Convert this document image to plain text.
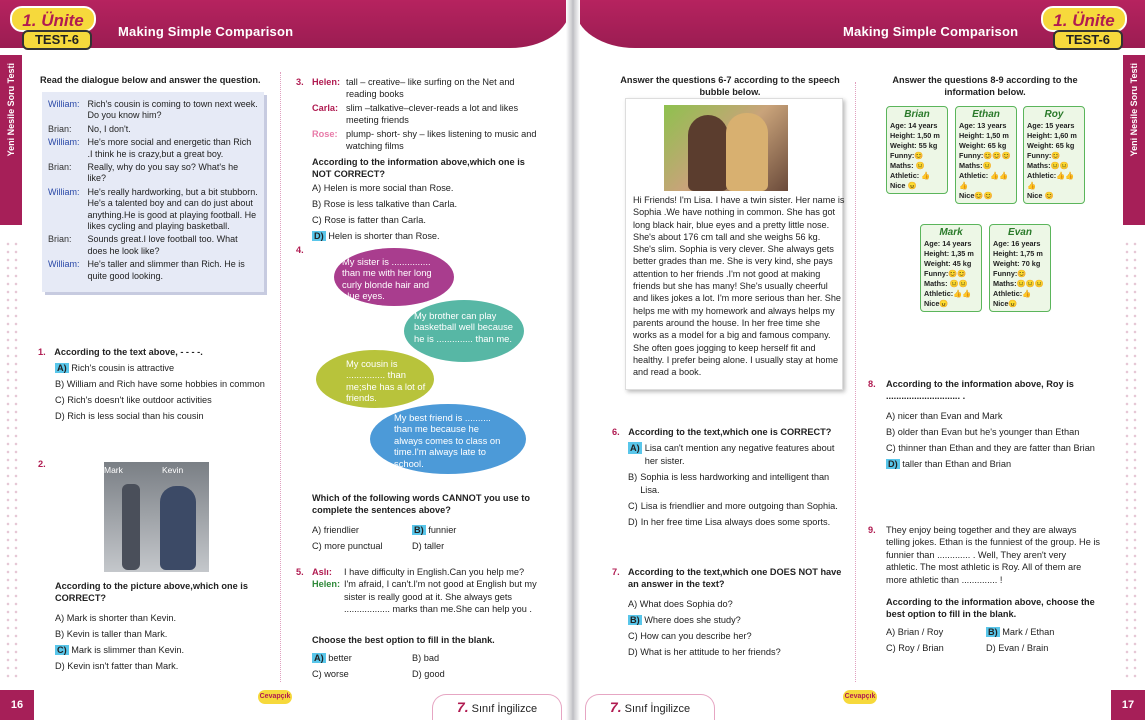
1. Ünite
TEST-6
Making Simple Comparison
Yeni Nesile Soru Testi	Read the dialogue below and answer the question.
William:	Rich's cousin is coming to town next week. Do you know him?
Brian:	No, I don't.
William:	He's more social and energetic than Rich .I think he is crazy,but a great boy.
Brian:	Really, why do you say so? What's he like?
William:	He's really hardworking, but a bit stubborn. He's a talented boy and can do just about anything.He is good at playing football. He likes cycling and playing basketball.
Brian:	Sounds great.I love football too. What does he look like?
William:	He's taller and slimmer than Rich. He is quite good looking.
1. According to the text above, - - - -.
A) Rich's cousin is attractive
B) William and Rich have some hobbies in common
C) Rich's doesn't like outdoor activities
D) Rich is less social than his cousin
2.
Mark	Kevin
According to the picture above,which one is CORRECT?
A) Mark is shorter than Kevin.
B) Kevin is taller than Mark.
C) Mark is slimmer than Kevin.
D) Kevin isn't fatter than Mark.
3. Helen: tall – creative– like surfing on the Net and reading books
Carla: slim –talkative–clever-reads a lot and likes meeting friends
Rose: plump- short- shy – likes listening to music and watching films
According to the information above,which one is NOT CORRECT?
A) Helen is more social than Rose.
B) Rose is less talkative than Carla.
C) Rose is fatter than Carla.
D) Helen is shorter than Rose.
4.
My sister is ............... than me with her long curly blonde hair and blue eyes.
My brother can play basketball well because he is .............. than me.
My cousin is ............... than me;she has a lot of friends.
My best friend is .......... than me because he always comes to class on time.I'm always late to school.
Which of the following words CANNOT you use to complete the sentences above?
A) friendlier	B) funnier
C) more punctual	D) taller
5. Aslı:	I have difficulty in English.Can you help me?
Helen: I'm afraid, I can't.I'm not good at English but my sister is really good at it. She always gets .................. marks than me.She can help you .
Choose the best option to fill in the blank.
A) better	B) bad
C) worse	D) good
16
Cevapçık
7. Sınıf İngilizce
Making Simple Comparison
1. Ünite
TEST-6
Yeni Nesile Soru Testi
17
Cevapçık
7. Sınıf İngilizce
Answer the questions 6-7 according to the speech bubble below.
Hi Friends! I'm Lisa. I have a twin sister. Her name is Sophia .We have nothing in common. She has got long black hair, blue eyes and a pretty little nose. She's about 176 cm tall and she weighs 56 kg. She's slim. Sophia is very clever. She always gets better grades than me. She is very kind, she pays attention to her friends .I'm not good at making friends but she has many! She's usually cheerful and likes jokes a lot. I'm more serious than her. She helps me with my homework and always helps my parents around the house. In her free time she works as a model for a big and famous company. She often goes jogging to keep herself fit and healthy. I prefer being alone. I usually stay at home and read a book.
Answer the questions 8-9 according to the information below.
Brian
Age: 14 years
Height: 1,50 m
Weight: 55 kg
Funny:😊
Maths: 😐
Athletic: 👍
Nice 😠
Ethan
Age: 13 years
Height: 1,50 m
Weight: 65 kg
Funny:😊😊😊
Maths:😐
Athletic: 👍👍👍
Nice😊😊
Roy
Age: 15 years
Height: 1,60 m
Weight: 65 kg
Funny:😊
Maths:😐😐
Athletic:👍👍👍
Nice 😊
Mark
Age: 14 years
Height: 1,35 m
Weight: 45 kg
Funny:😊😊
Maths: 😐😐
Athletic:👍👍
Nice😠
Evan
Age: 16 years
Height: 1,75 m
Weight: 70 kg
Funny:😊
Maths:😐😐😐
Athletic:👍
Nice😠
6. According to the text,which one is CORRECT?
A) Lisa can't mention any negative features about her sister.
B) Sophia is less hardworking and intelligent than Lisa.
C) Lisa is friendlier and more outgoing than Sophia.
D) In her free time Lisa always does some sports.
7. According to the text,which one DOES NOT have an answer in the text?
A) What does Sophia do?
B) Where does she study?
C) How can you describe her?
D) What is her attitude to her friends?
8.	According to the information above, Roy is ............................. .
A) nicer than Evan and Mark
B) older than Evan but he's younger than Ethan
C) thinner than Ethan and they are fatter than Brian
D) taller than Ethan and Brian
9.	They enjoy being together and they are always telling jokes. Ethan is the funniest of the group. He is funnier than ............. . Well, They aren't very athletic. The most athletic is Roy. All of them are more athletic than .............. !
According to the information above, choose the best option to fill in the blank.
A) Brian / Roy	B) Mark / Ethan
C) Roy / Brian	D) Evan / Brain
